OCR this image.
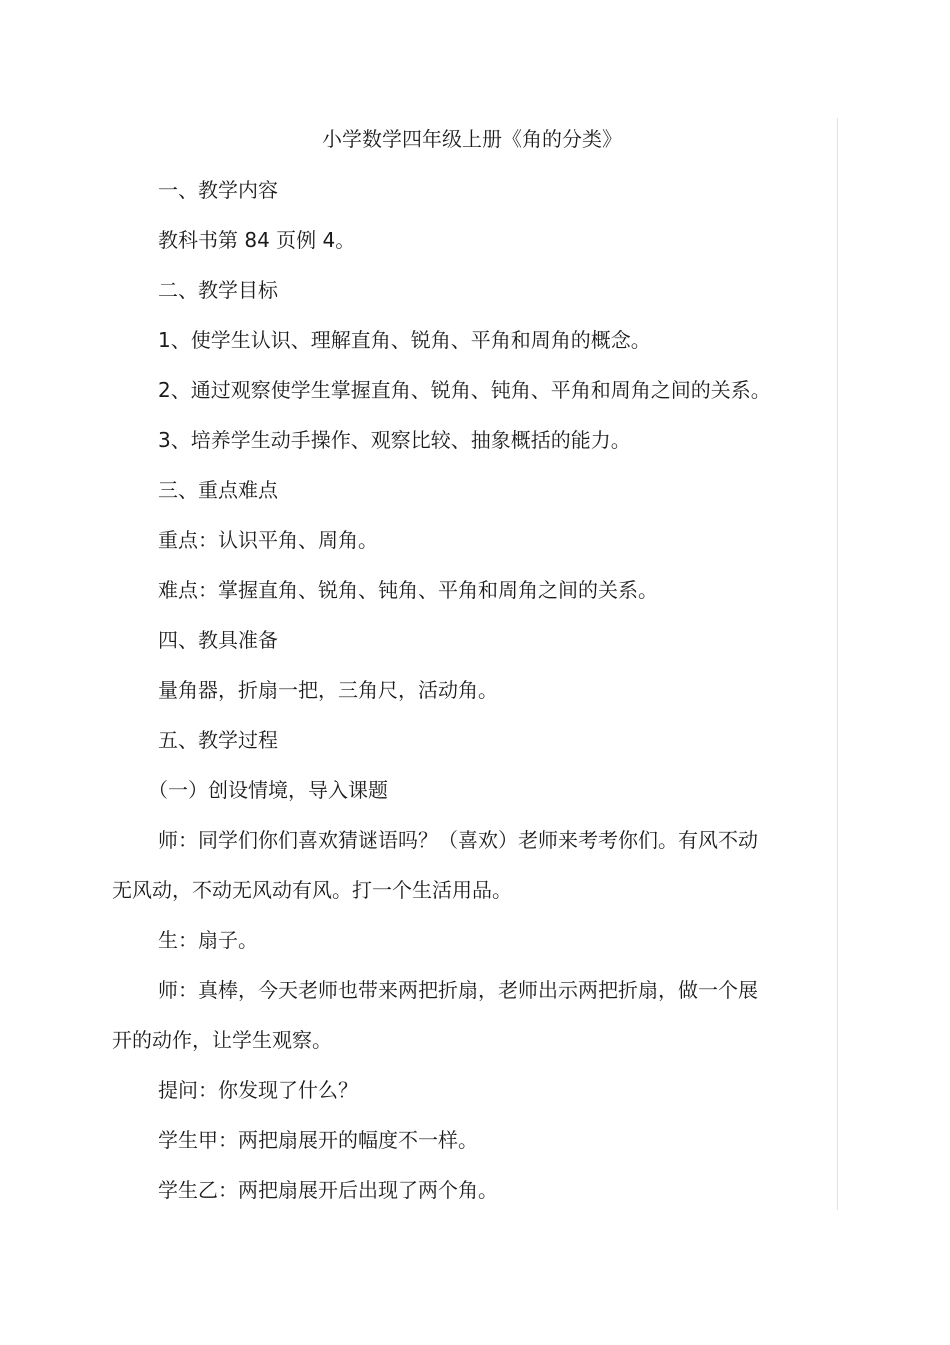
小学数学四年级上册《角的分类》
一、教学内容
教科书第 84 页例 4。
二、教学目标
1、使学生认识、理解直角、锐角、平角和周角的概念。
2、通过观察使学生掌握直角、锐角、钝角、平角和周角之间的关系。
3、培养学生动手操作、观察比较、抽象概括的能力。
三、重点难点
重点：认识平角、周角。
难点：掌握直角、锐角、钝角、平角和周角之间的关系。
四、教具准备
量角器，折扇一把，三角尺，活动角。
五、教学过程
（一）创设情境，导入课题
师：同学们你们喜欢猜谜语吗？（喜欢）老师来考考你们。有风不动
无风动，不动无风动有风。打一个生活用品。
生：扇子。
师：真棒，今天老师也带来两把折扇，老师出示两把折扇，做一个展
开的动作，让学生观察。
提问：你发现了什么？
学生甲：两把扇展开的幅度不一样。
学生乙：两把扇展开后出现了两个角。
